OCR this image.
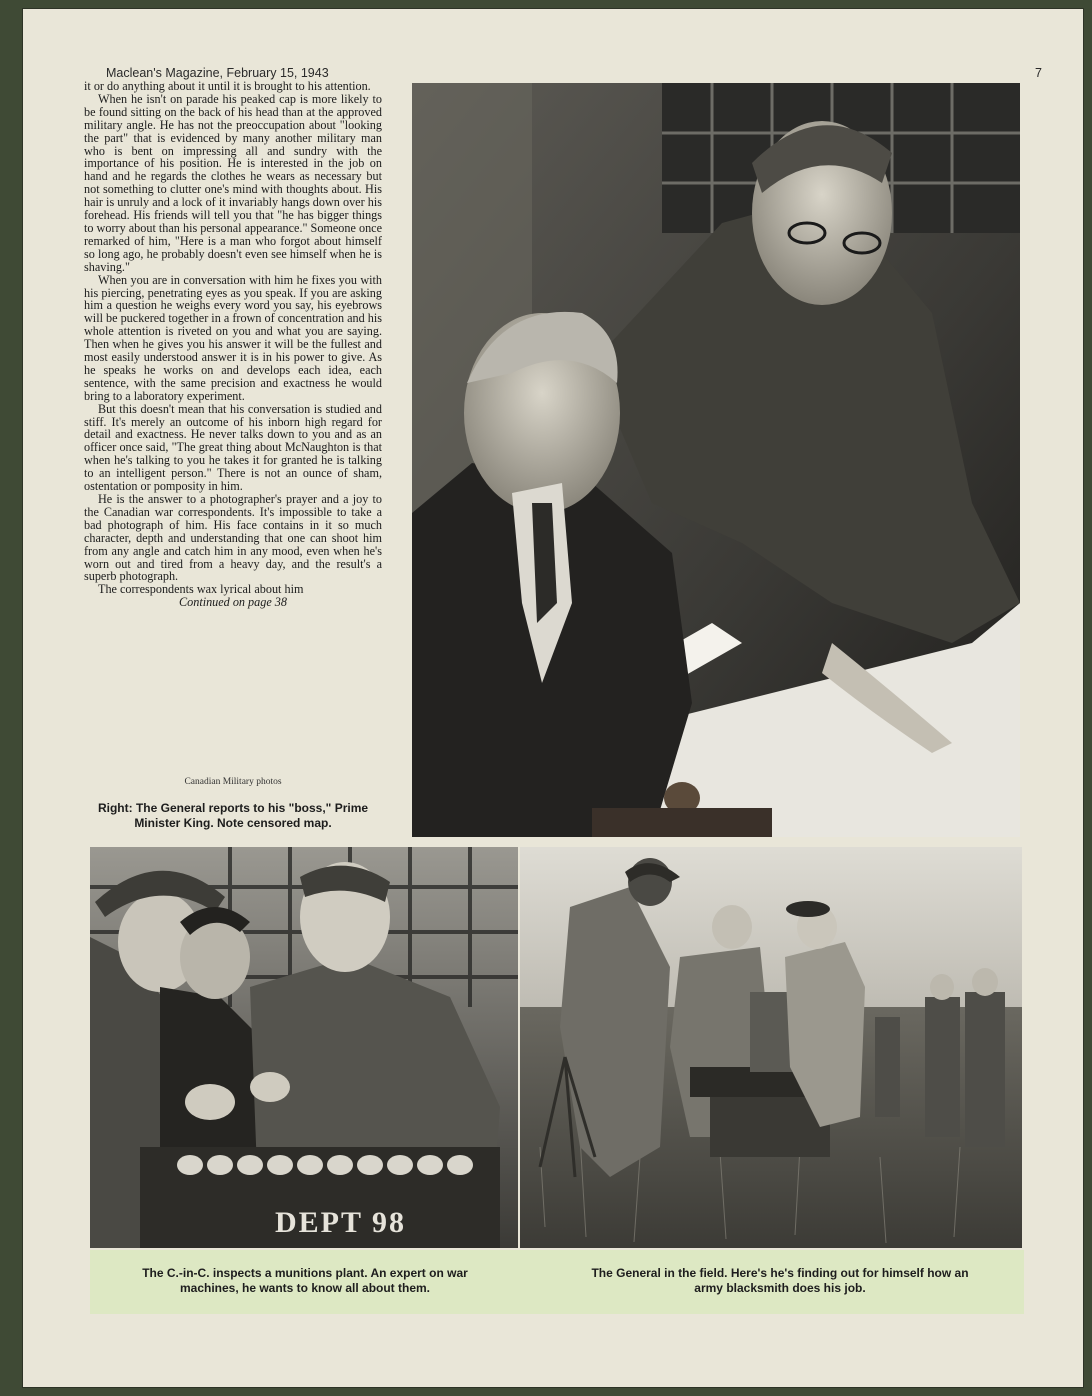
Maclean's Magazine, February 15, 1943	7

it or do anything about it until it is brought to his attention.

When he isn't on parade his peaked cap is more likely to be found sitting on the back of his head than at the approved military angle. He has not the preoccupation about "looking the part" that is evidenced by many another military man who is bent on impressing all and sundry with the importance of his position. He is interested in the job on hand and he regards the clothes he wears as necessary but not something to clutter one's mind with thoughts about. His hair is unruly and a lock of it invariably hangs down over his forehead. His friends will tell you that "he has bigger things to worry about than his personal appearance." Someone once remarked of him, "Here is a man who forgot about himself so long ago, he probably doesn't even see himself when he is shaving."

When you are in conversation with him he fixes you with his piercing, penetrating eyes as you speak. If you are asking him a question he weighs every word you say, his eyebrows will be puckered together in a frown of concentration and his whole attention is riveted on you and what you are saying. Then when he gives you his answer it will be the fullest and most easily understood answer it is in his power to give. As he speaks he works on and develops each idea, each sentence, with the same precision and exactness he would bring to a laboratory experiment.

But this doesn't mean that his conversation is studied and stiff. It's merely an outcome of his inborn high regard for detail and exactness. He never talks down to you and as an officer once said, "The great thing about McNaughton is that when he's talking to you he takes it for granted he is talking to an intelligent person." There is not an ounce of sham, ostentation or pomposity in him.

He is the answer to a photographer's prayer and a joy to the Canadian war correspondents. It's impossible to take a bad photograph of him. His face contains in it so much character, depth and understanding that one can shoot him from any angle and catch him in any mood, even when he's worn out and tired from a heavy day, and the result's a superb photograph.

The correspondents wax lyrical about him

Continued on page 38

Canadian Military photos
Right: The General reports to his "boss," Prime Minister King. Note censored map.
DEPT 98
The C.-in-C. inspects a munitions plant. An expert on war machines, he wants to know all about them.
The General in the field. Here's he's finding out for himself how an army blacksmith does his job.
